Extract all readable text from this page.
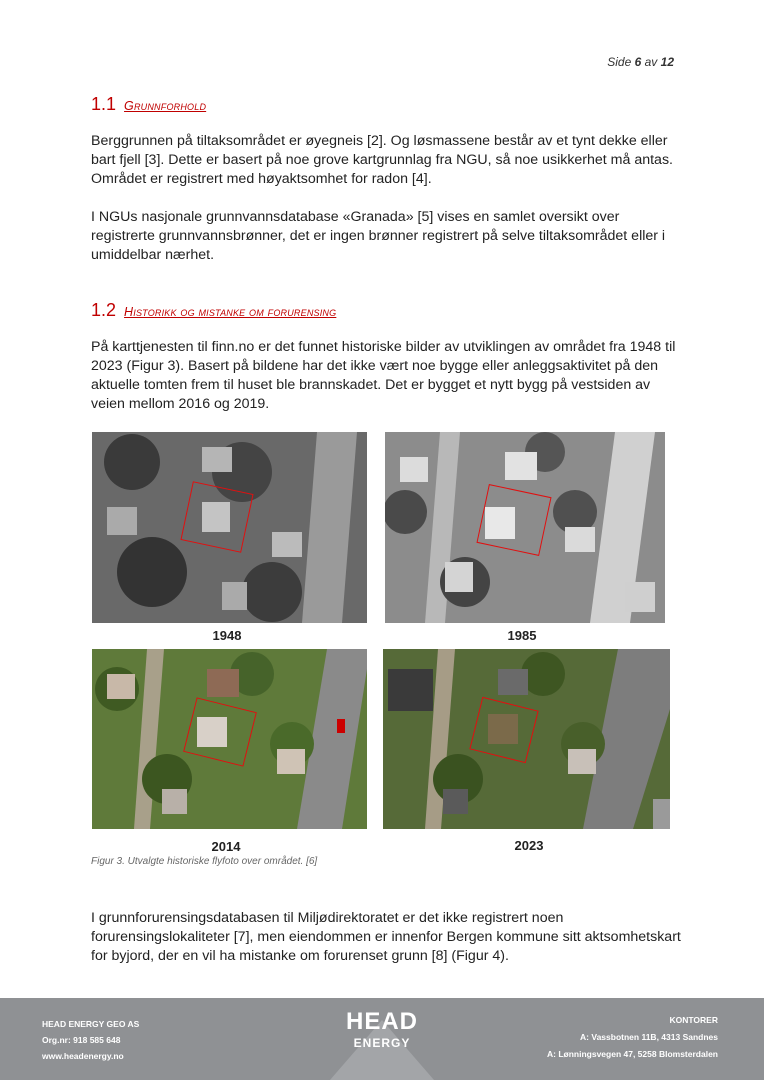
Side 6 av 12
1.1 Grunnforhold

Berggrunnen på tiltaksområdet er øyegneis [2]. Og løsmassene består av et tynt dekke eller bart fjell [3]. Dette er basert på noe grove kartgrunnlag fra NGU, så noe usikkerhet må antas. Området er registrert med høyaktsomhet for radon [4].

I NGUs nasjonale grunnvannsdatabase «Granada» [5] vises en samlet oversikt over registrerte grunnvannsbrønner, det er ingen brønner registrert på selve tiltaksområdet eller i umiddelbar nærhet.

1.2 Historikk og mistanke om forurensing

På karttjenesten til finn.no er det funnet historiske bilder av utviklingen av området fra 1948 til 2023 (Figur 3). Basert på bildene har det ikke vært noe bygge eller anleggsaktivitet på den aktuelle tomten frem til huset ble brannskadet. Det er bygget et nytt bygg på vestsiden av veien mellom 2016 og 2019.

1948	1985
2014	2023
Figur 3. Utvalgte historiske flyfoto over området. [6]

I grunnforurensingsdatabasen til Miljødirektoratet er det ikke registrert noen forurensingslokaliteter [7], men eiendommen er innenfor Bergen kommune sitt aktsomhetskart for byjord, der en vil ha mistanke om forurenset grunn [8] (Figur 4).

HEAD ENERGY GEO AS
Org.nr: 918 585 648
www.headenergy.no
HEAD
ENERGY
KONTORER
A: Vassbotnen 11B, 4313 Sandnes
A: Lønningsvegen 47, 5258 Blomsterdalen
